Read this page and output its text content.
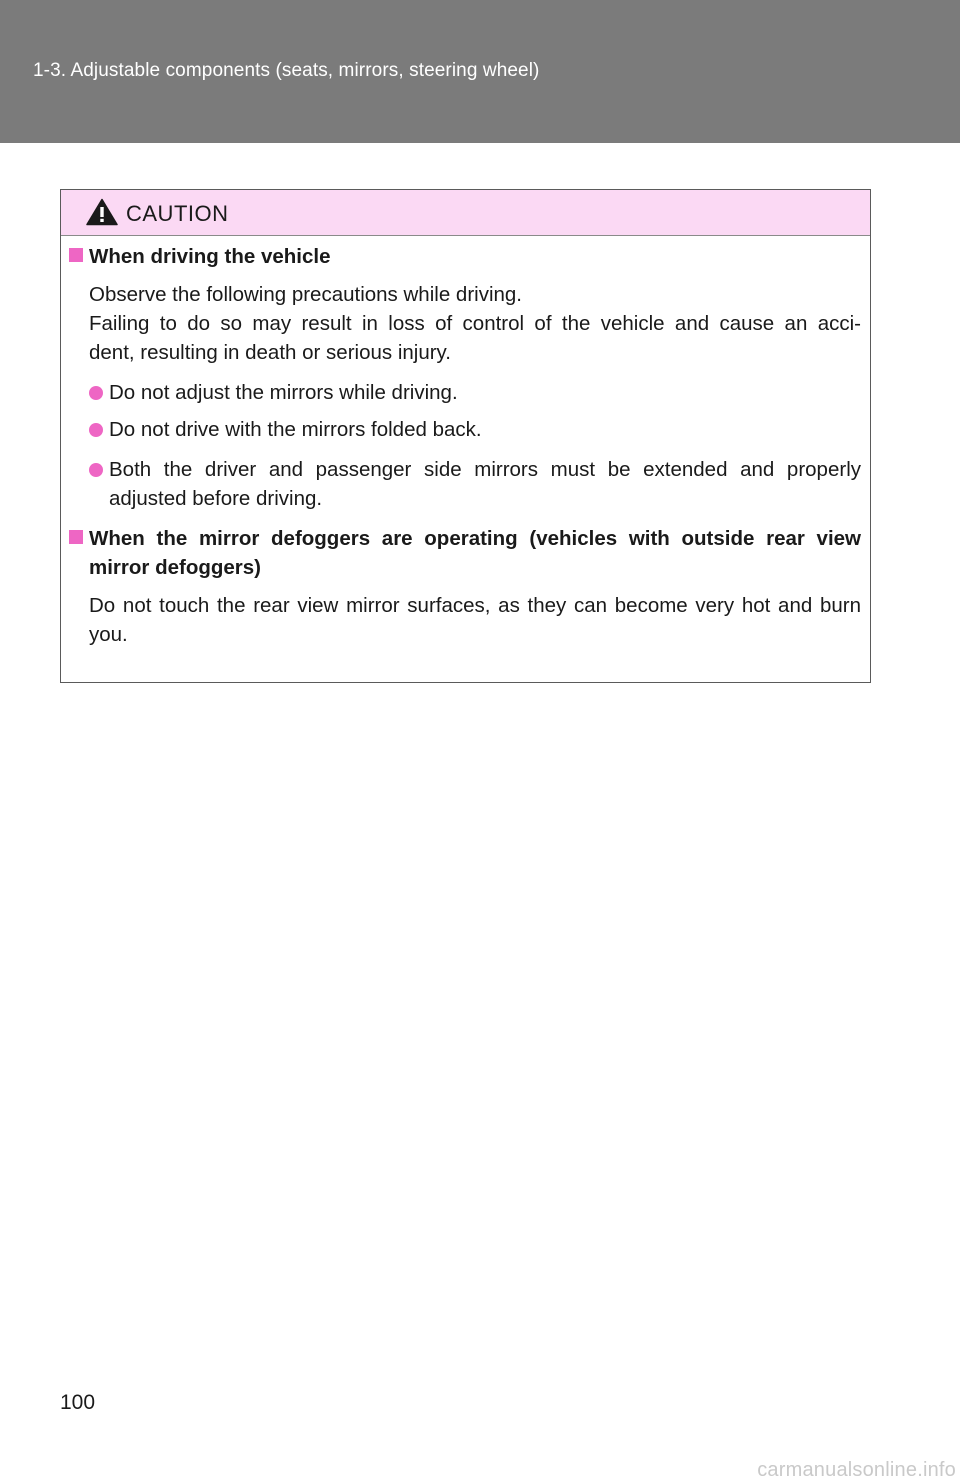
1-3. Adjustable components (seats, mirrors, steering wheel)
CAUTION
When driving the vehicle
Observe the following precautions while driving.
Failing to do so may result in loss of control of the vehicle and cause an acci-
dent, resulting in death or serious injury.
Do not adjust the mirrors while driving.
Do not drive with the mirrors folded back.
Both the driver and passenger side mirrors must be extended and properly adjusted before driving.
When the mirror defoggers are operating (vehicles with outside rear view mirror defoggers)
Do not touch the rear view mirror surfaces, as they can become very hot and burn you.
100
carmanualsonline.info
